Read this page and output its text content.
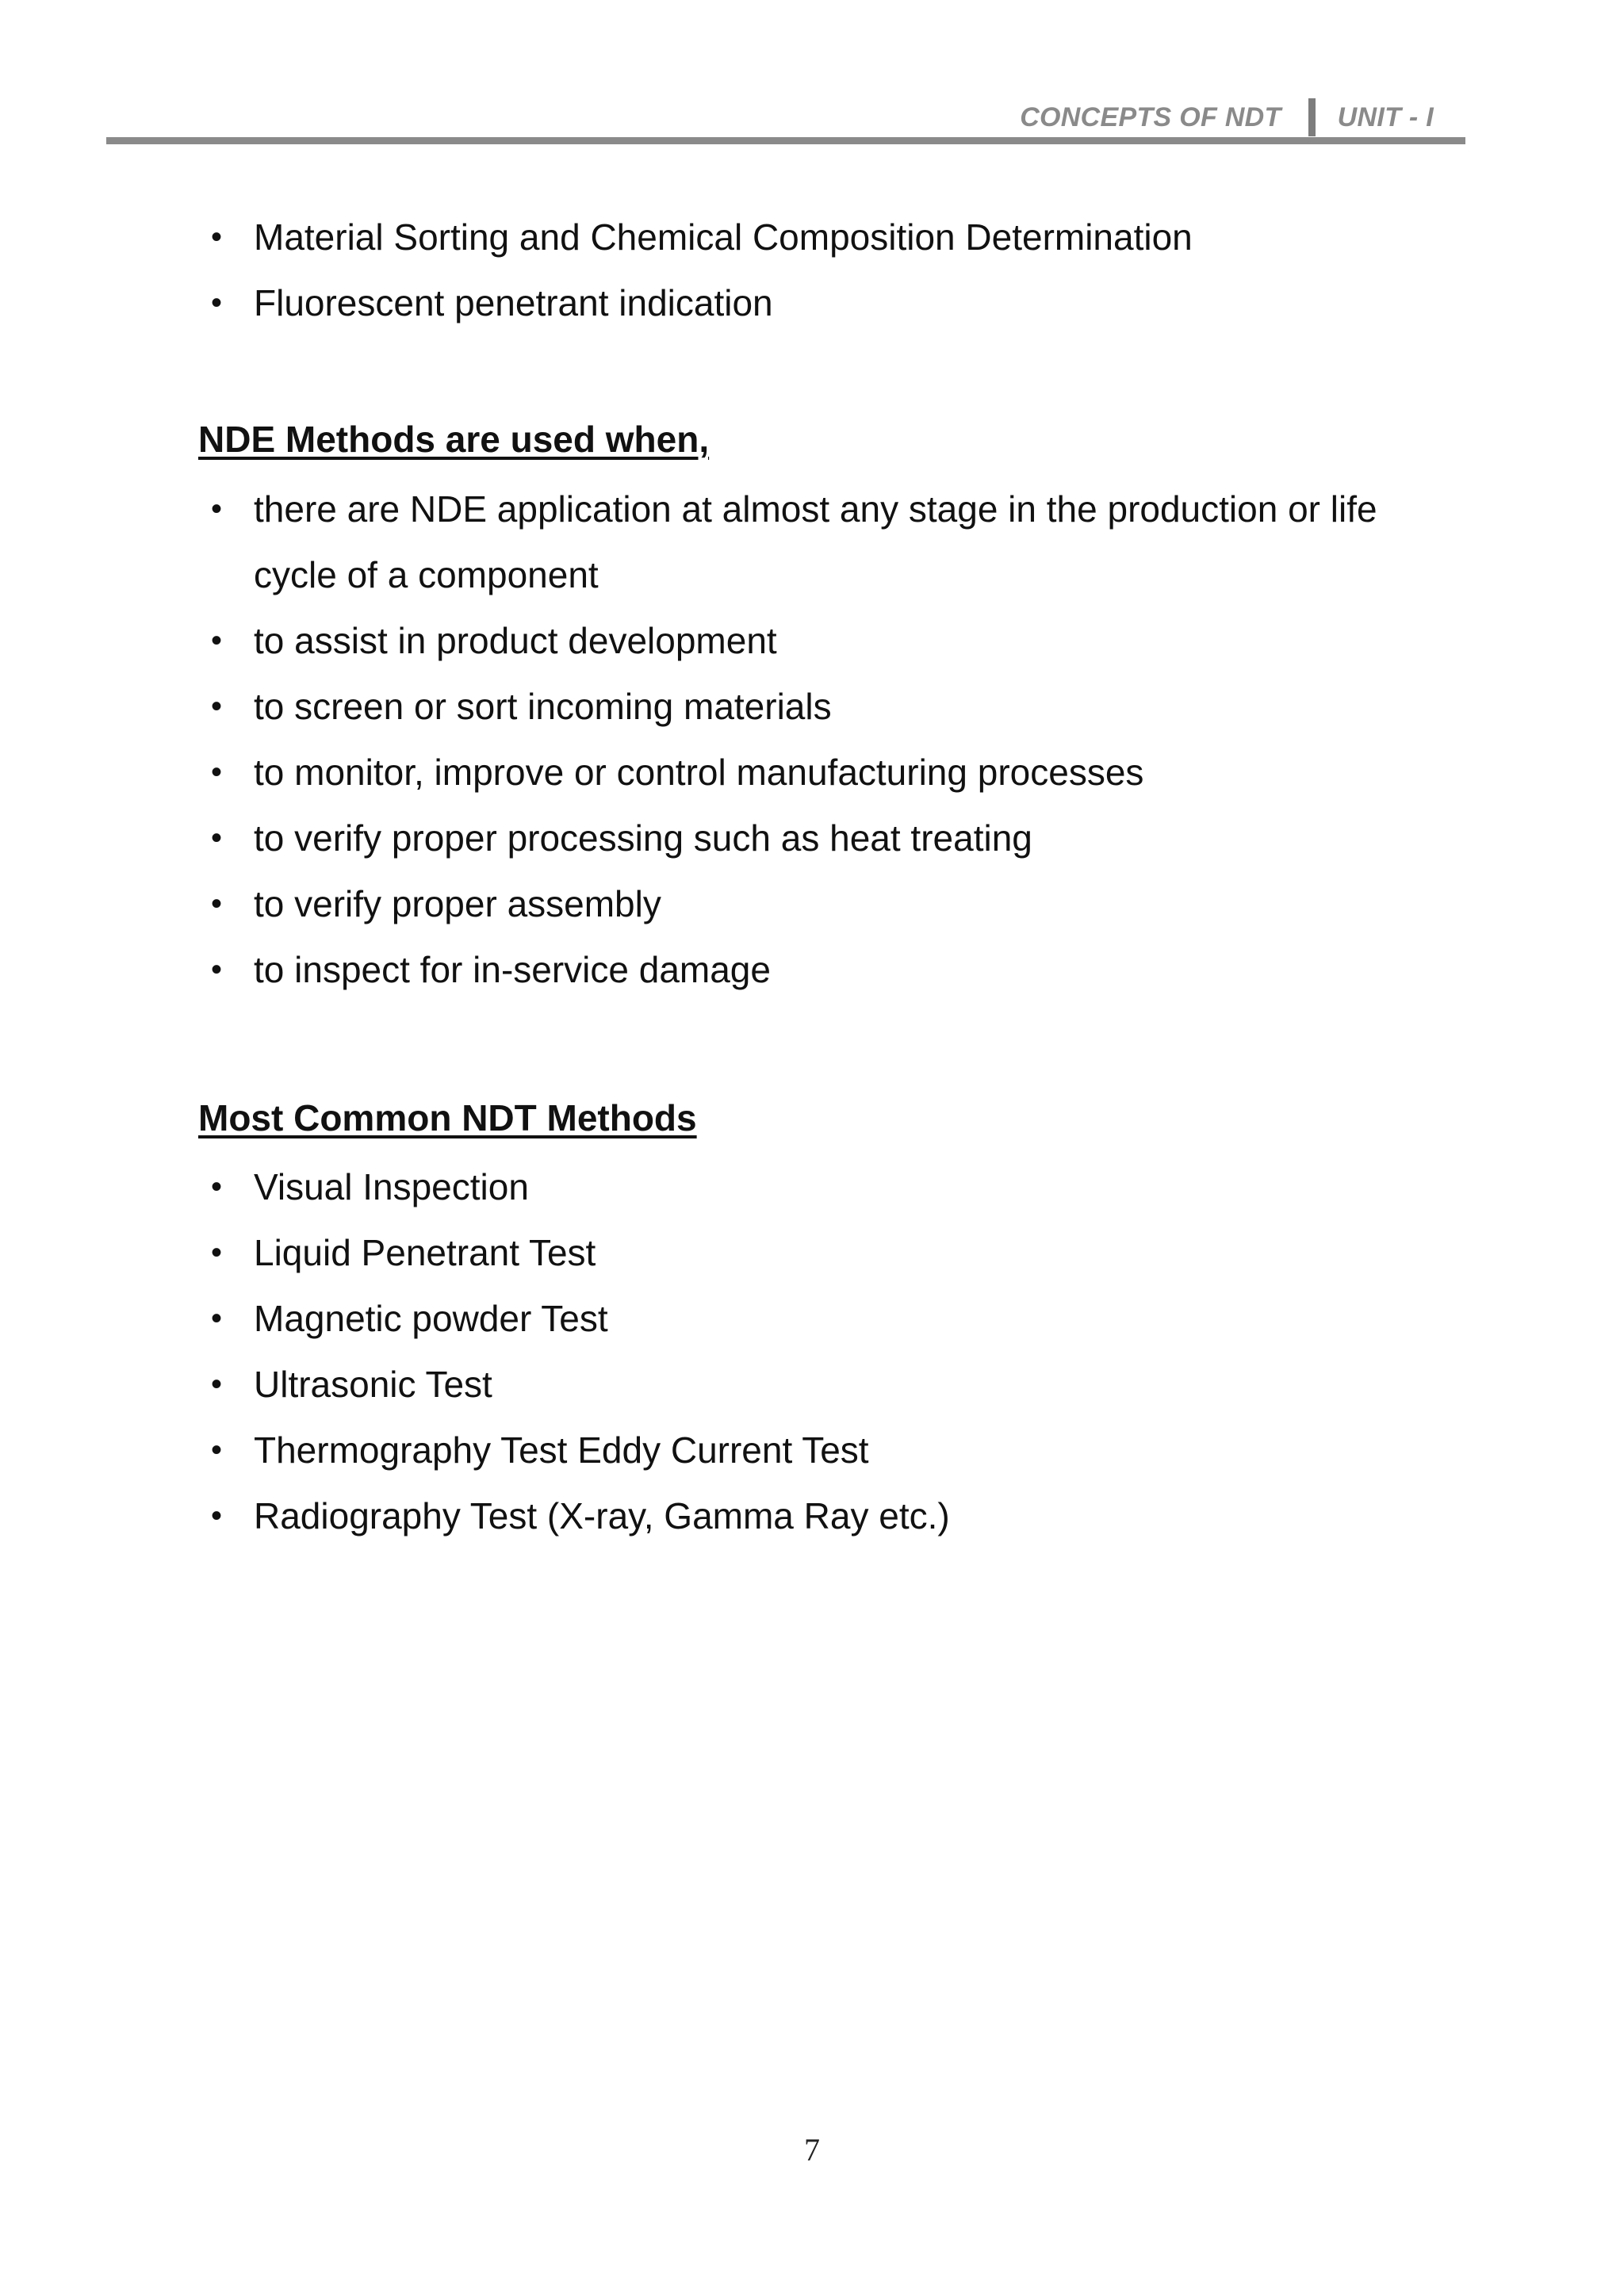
CONCEPTS OF NDT UNIT - I
•
Material Sorting and Chemical Composition Determination
•
Fluorescent penetrant indication
NDE Methods are used when,
•
there are NDE application at almost any stage in the production or life cycle of a component
•
to assist in product development
•
to screen or sort incoming materials
•
to monitor, improve or control manufacturing processes
•
to verify proper processing such as heat treating
•
to verify proper assembly
•
to inspect for in-service damage
Most Common NDT Methods
•
Visual Inspection
•
Liquid Penetrant Test
•
Magnetic powder Test
•
Ultrasonic Test
•
Thermography Test Eddy Current Test
•
Radiography Test (X-ray, Gamma Ray etc.)
7
